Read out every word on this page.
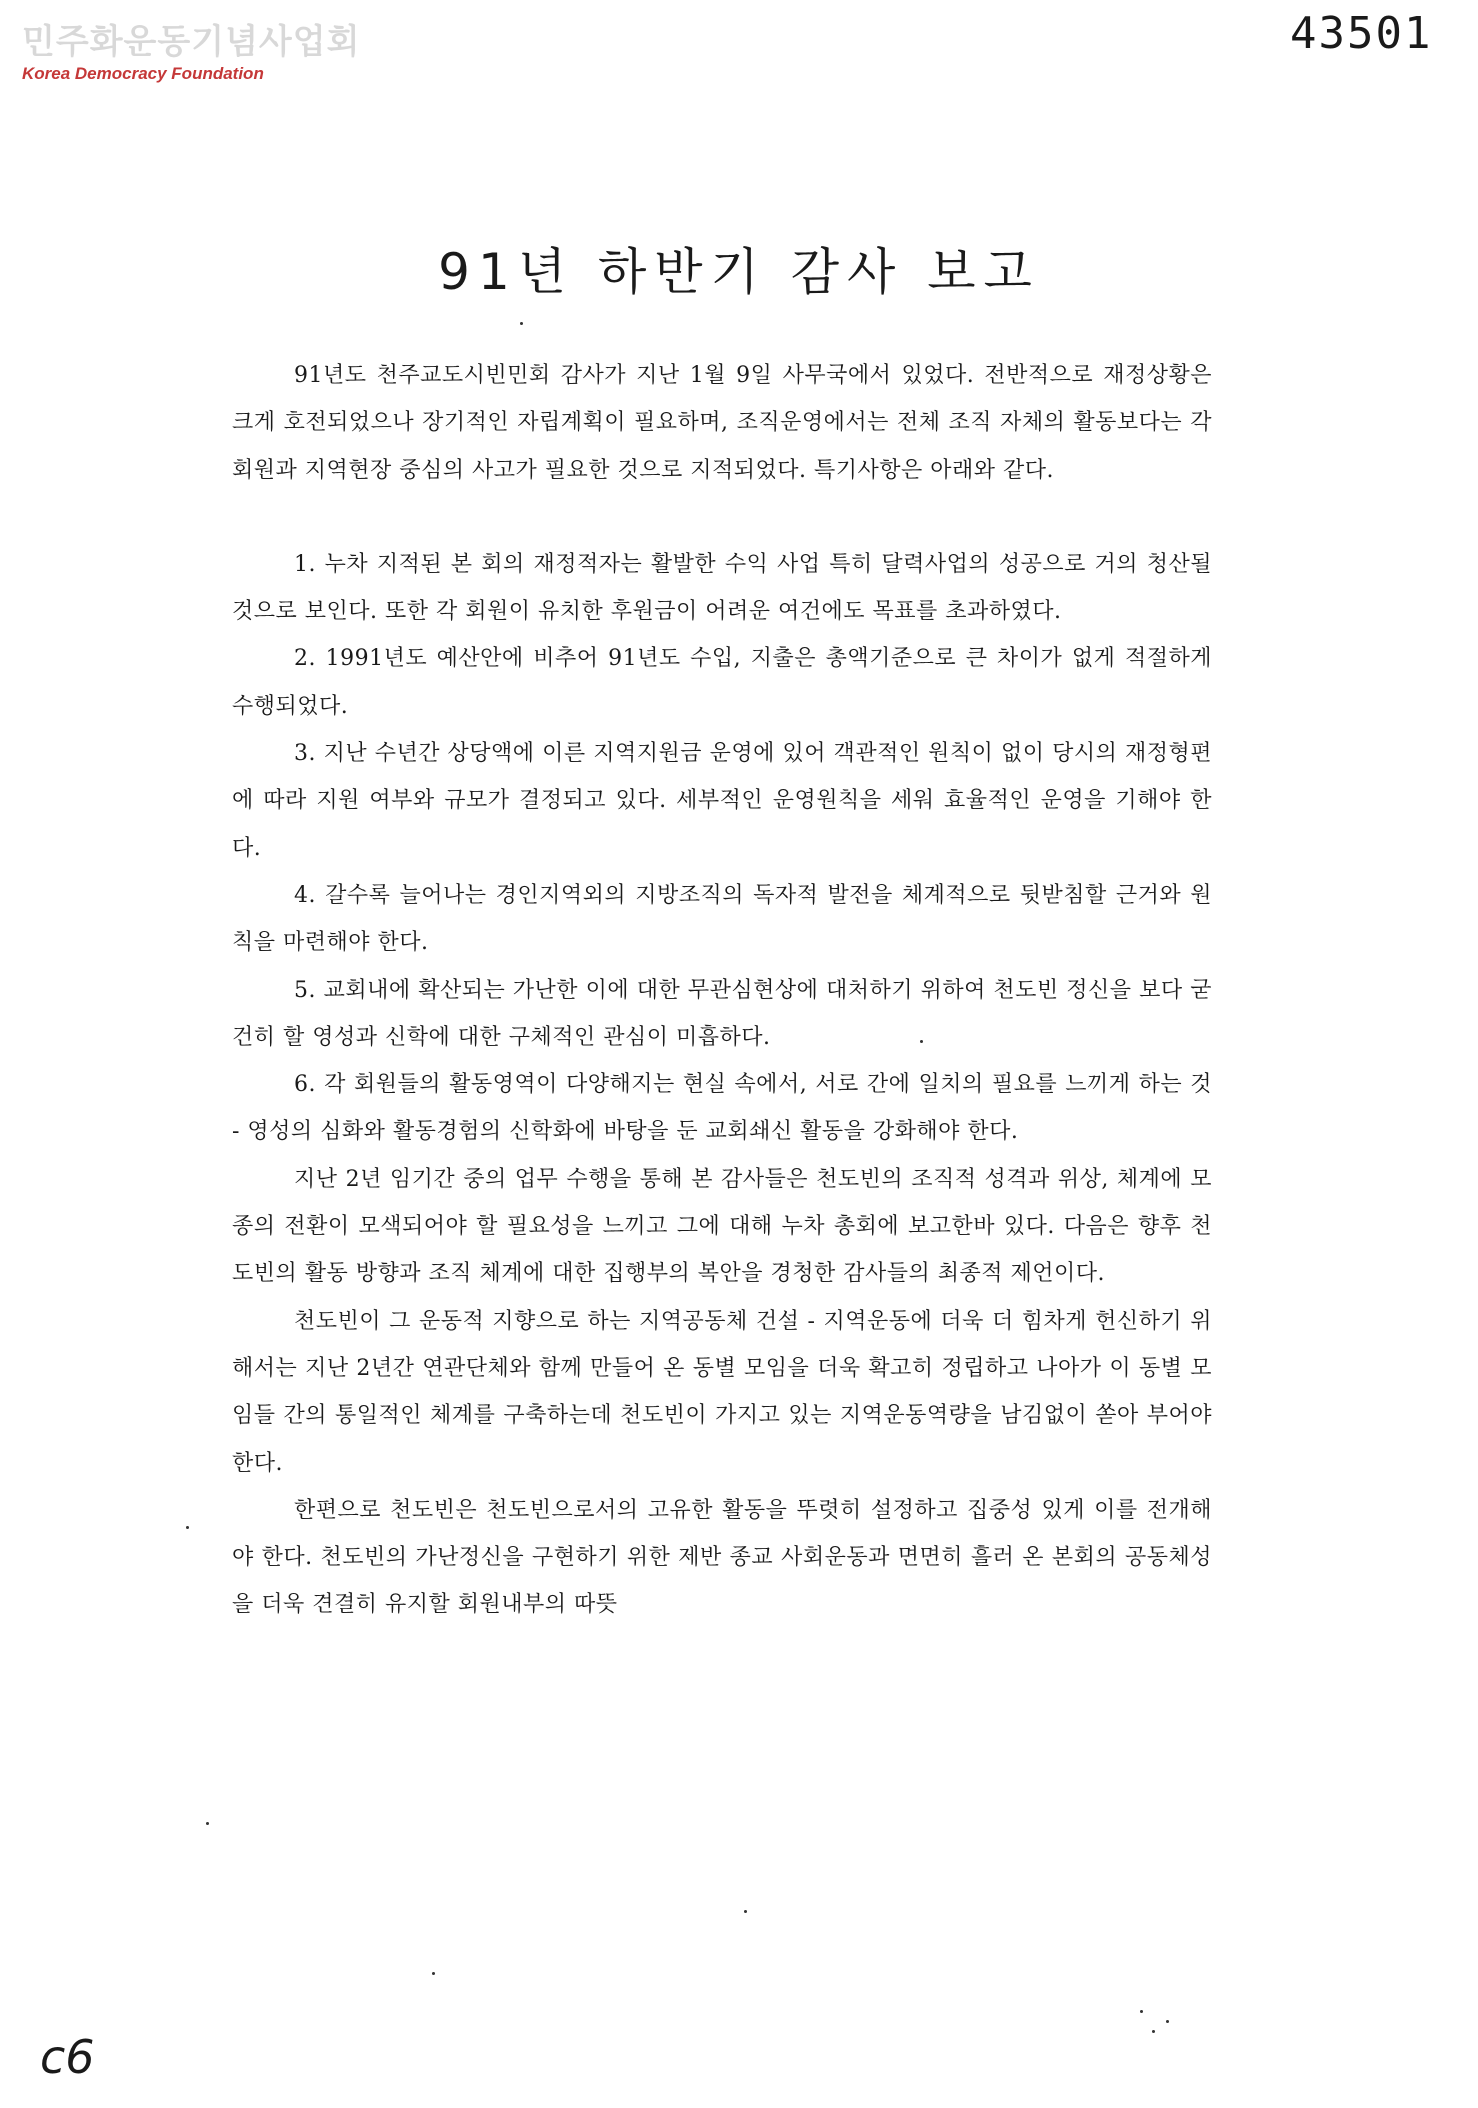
민주화운동기념사업회
Korea Democracy Foundation
43501
91년 하반기 감사 보고

91년도 천주교도시빈민회 감사가 지난 1월 9일 사무국에서 있었다. 전반적으로 재정상황은 크게 호전되었으나 장기적인 자립계획이 필요하며, 조직운영에서는 전체 조직 자체의 활동보다는 각 회원과 지역현장 중심의 사고가 필요한 것으로 지적되었다. 특기사항은 아래와 같다.

1. 누차 지적된 본 회의 재정적자는 활발한 수익 사업 특히 달력사업의 성공으로 거의 청산될 것으로 보인다. 또한 각 회원이 유치한 후원금이 어려운 여건에도 목표를 초과하였다.

2. 1991년도 예산안에 비추어 91년도 수입, 지출은 총액기준으로 큰 차이가 없게 적절하게 수행되었다.

3. 지난 수년간 상당액에 이른 지역지원금 운영에 있어 객관적인 원칙이 없이 당시의 재정형편에 따라 지원 여부와 규모가 결정되고 있다. 세부적인 운영원칙을 세워 효율적인 운영을 기해야 한다.

4. 갈수록 늘어나는 경인지역외의 지방조직의 독자적 발전을 체계적으로 뒷받침할 근거와 원칙을 마련해야 한다.

5. 교회내에 확산되는 가난한 이에 대한 무관심현상에 대처하기 위하여 천도빈 정신을 보다 굳건히 할 영성과 신학에 대한 구체적인 관심이 미흡하다.

6. 각 회원들의 활동영역이 다양해지는 현실 속에서, 서로 간에 일치의 필요를 느끼게 하는 것 - 영성의 심화와 활동경험의 신학화에 바탕을 둔 교회쇄신 활동을 강화해야 한다.

지난 2년 임기간 중의 업무 수행을 통해 본 감사들은 천도빈의 조직적 성격과 위상, 체계에 모종의 전환이 모색되어야 할 필요성을 느끼고 그에 대해 누차 총회에 보고한바 있다. 다음은 향후 천도빈의 활동 방향과 조직 체계에 대한 집행부의 복안을 경청한 감사들의 최종적 제언이다.

천도빈이 그 운동적 지향으로 하는 지역공동체 건설 - 지역운동에 더욱 더 힘차게 헌신하기 위해서는 지난 2년간 연관단체와 함께 만들어 온 동별 모임을 더욱 확고히 정립하고 나아가 이 동별 모임들 간의 통일적인 체계를 구축하는데 천도빈이 가지고 있는 지역운동역량을 남김없이 쏟아 부어야 한다.

한편으로 천도빈은 천도빈으로서의 고유한 활동을 뚜렷히 설정하고 집중성 있게 이를 전개해야 한다. 천도빈의 가난정신을 구현하기 위한 제반 종교 사회운동과 면면히 흘러 온 본회의 공동체성을 더욱 견결히 유지할 회원내부의 따뜻

c6
